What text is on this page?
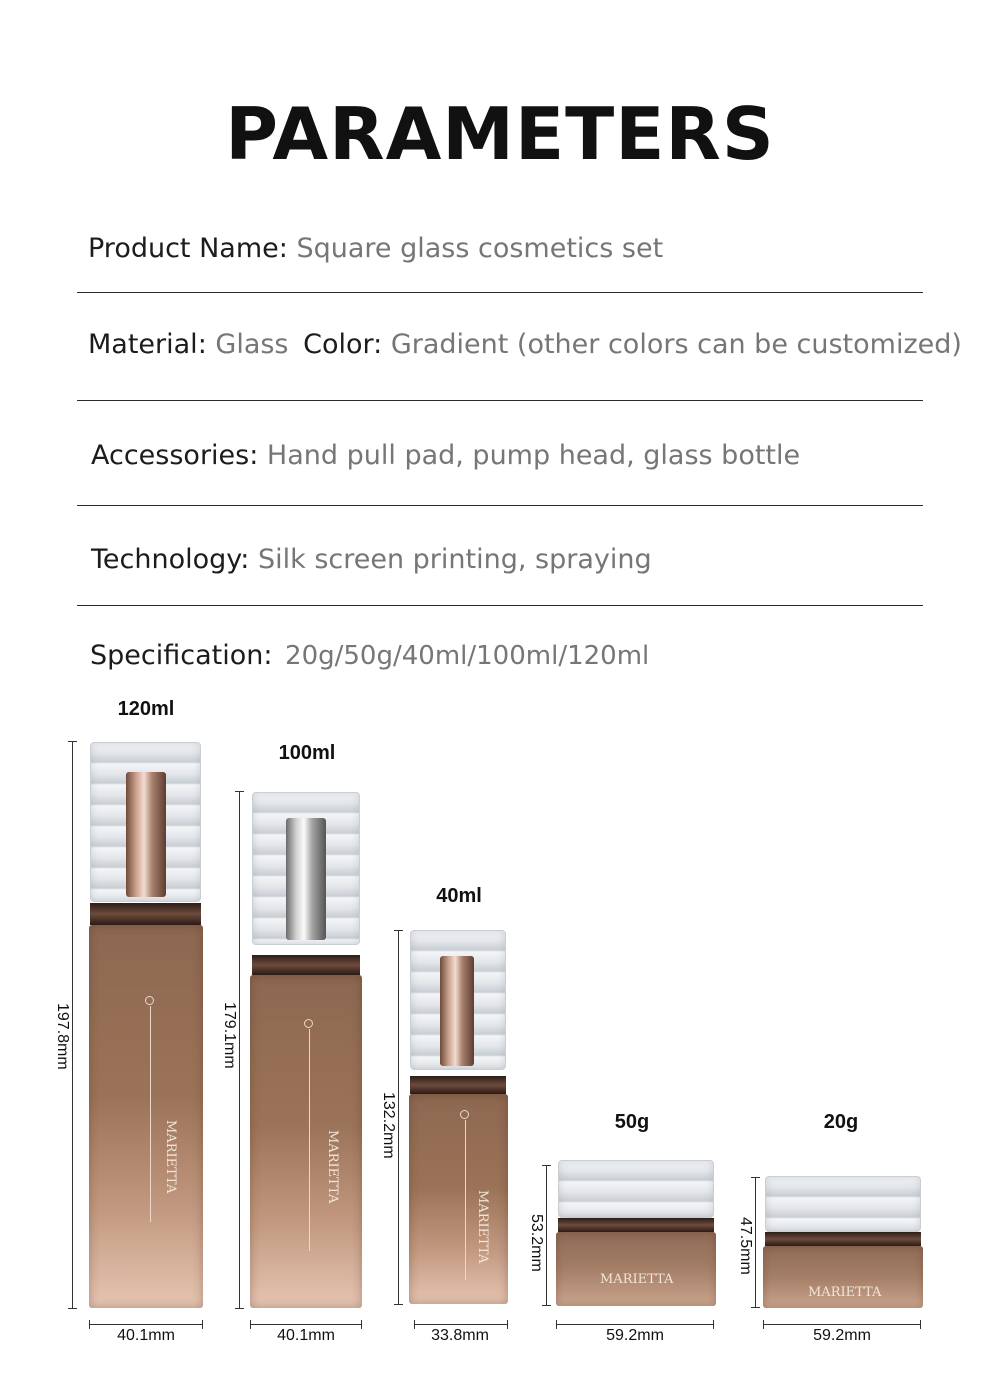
PARAMETERS
Product Name: Square glass cosmetics set
Material: Glass Color: Gradient (other colors can be customized)
Accessories: Hand pull pad, pump head, glass bottle
Technology: Silk screen printing, spraying
Specification: 20g/50g/40ml/100ml/120ml
120ml
MARIETTA
197.8mm
40.1mm
100ml
MARIETTA
179.1mm
40.1mm
40ml
MARIETTA
132.2mm
33.8mm
50g
MARIETTA
53.2mm
59.2mm
20g
MARIETTA
47.5mm
59.2mm
